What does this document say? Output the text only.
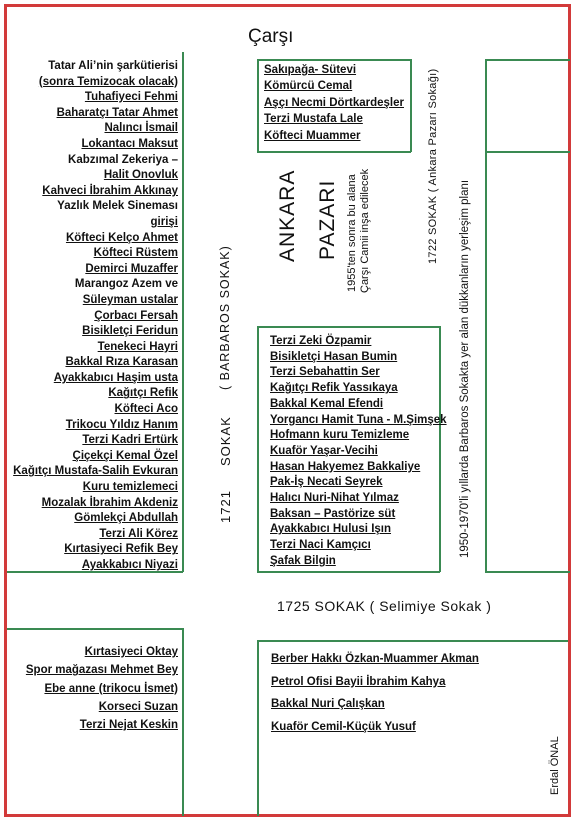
Çarşı
Tatar Ali’nin şarkütierisi
(sonra Temizocak olacak)
Tuhafiyeci Fehmi
Baharatçı Tatar Ahmet
Nalıncı İsmail
Lokantacı Maksut
Kabzımal Zekeriya –
Halit Onovluk
Kahveci İbrahim Akkınay
Yazlık Melek Sineması
girişi
Köfteci Kelço Ahmet
Köfteci Rüstem
Demirci Muzaffer
Marangoz Azem ve
Süleyman ustalar
Çorbacı Fersah
Bisikletçi Feridun
Tenekeci Hayri
Bakkal Rıza Karasan
Ayakkabıcı Haşim usta
Kağıtçı Refik
Köfteci Aco
Trikocu Yıldız Hanım
Terzi Kadri Ertürk
Çiçekçi Kemal Özel
Kağıtçı Mustafa-Salih Evkuran
Kuru temizlemeci
Mozalak İbrahim Akdeniz
Gömlekçi Abdullah
Terzi Ali Körez
Kırtasiyeci Refik Bey
Ayakkabıcı Niyazi
Kırtasiyeci Oktay
Spor mağazası Mehmet Bey
Ebe anne (trikocu İsmet)
Korseci Suzan
Terzi Nejat Keskin
Sakıpağa- Sütevi
Kömürcü Cemal
Aşçı Necmi Dörtkardeşler
Terzi Mustafa Lale
Köfteci Muammer
Terzi Zeki Özpamir
Bisikletçi Hasan Bumin
Terzi Sebahattin Ser
Kağıtçı Refik Yassıkaya
Bakkal Kemal Efendi
Yorgancı Hamit Tuna - M.Şimşek
Hofmann kuru Temizleme
Kuaför Yaşar-Vecihi
Hasan Hakyemez Bakkaliye
Pak-İş Necati Seyrek
Halıcı Nuri-Nihat Yılmaz
Baksan – Pastörize süt
Ayakkabıcı Hulusi Işın
Terzi Naci Kamçıcı
Şafak Bilgin
Berber Hakkı Özkan-Muammer Akman
Petrol Ofisi Bayii İbrahim Kahya
Bakkal Nuri Çalışkan
Kuaför Cemil-Küçük Yusuf
ANKARA PAZARI 1955'ten sonra bu alana Çarşı Camii inşa edilecek	1722 SOKAK ( Ankara Pazarı Sokağı)
1721
SOKAK
( BARBAROS SOKAK)
1725 SOKAK ( Selimiye Sokak )
1950-1970'li yıllarda Barbaros Sokakta yer alan dükkanların yerleşim planı
Erdal ÖNAL
